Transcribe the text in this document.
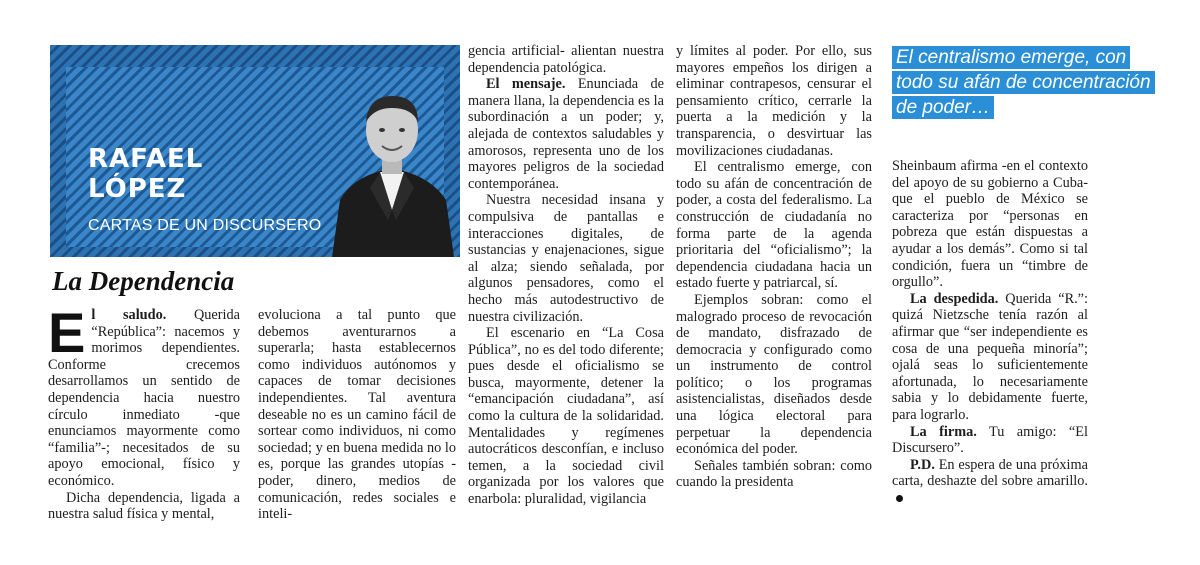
RAFAEL
LÓPEZ
CARTAS DE UN DISCURSERO
La Dependencia

El saludo. Querida “República”: nacemos y morimos dependientes. Conforme crecemos desarrollamos un sentido de dependencia hacia nuestro círculo inmediato -que enunciamos mayormente como “familia”-; necesitados de su apoyo emocional, físico y económico.

Dicha dependencia, ligada a nuestra salud física y mental,

evoluciona a tal punto que debemos aventurarnos a superarla; hasta establecernos como individuos autónomos y capaces de tomar decisiones independientes. Tal aventura deseable no es un camino fácil de sortear como individuos, ni como sociedad; y en buena medida no lo es, porque las grandes utopías -poder, dinero, medios de comunicación, redes sociales e inteli-

gencia artificial- alientan nuestra dependencia patológica.

El mensaje. Enunciada de manera llana, la dependencia es la subordinación a un poder; y, alejada de contextos saludables y amorosos, representa uno de los mayores peligros de la sociedad contemporánea.

Nuestra necesidad insana y compulsiva de pantallas e interacciones digitales, de sustancias y enajenaciones, sigue al alza; siendo señalada, por algunos pensadores, como el hecho más autodestructivo de nuestra civilización.

El escenario en “La Cosa Pública”, no es del todo diferente; pues desde el oficialismo se busca, mayormente, detener la “emancipación ciudadana”, así como la cultura de la solidaridad. Mentalidades y regímenes autocráticos desconfían, e incluso temen, a la sociedad civil organizada por los valores que enarbola: pluralidad, vigilancia

y límites al poder. Por ello, sus mayores empeños los dirigen a eliminar contrapesos, censurar el pensamiento crítico, cerrarle la puerta a la medición y la transparencia, o desvirtuar las movilizaciones ciudadanas.

El centralismo emerge, con todo su afán de concentración de poder, a costa del federalismo. La construcción de ciudadanía no forma parte de la agenda prioritaria del “oficialismo”; la dependencia ciudadana hacia un estado fuerte y patriarcal, sí.

Ejemplos sobran: como el malogrado proceso de revocación de mandato, disfrazado de democracia y configurado como un instrumento de control político; o los programas asistencialistas, diseñados desde una lógica electoral para perpetuar la dependencia económica del poder.

Señales también sobran: como cuando la presidenta

El centralismo emerge, con todo su afán de concentración de poder…

Sheinbaum afirma -en el contexto del apoyo de su gobierno a Cuba- que el pueblo de México se caracteriza por “personas en pobreza que están dispuestas a ayudar a los demás”. Como si tal condición, fuera un “timbre de orgullo”.

La despedida. Querida “R.”: quizá Nietzsche tenía razón al afirmar que “ser independiente es cosa de una pequeña minoría”; ojalá seas lo suficientemente afortunada, lo necesariamente sabia y lo debidamente fuerte, para lograrlo.

La firma. Tu amigo: “El Discursero”.

P.D. En espera de una próxima carta, deshazte del sobre amarillo.
